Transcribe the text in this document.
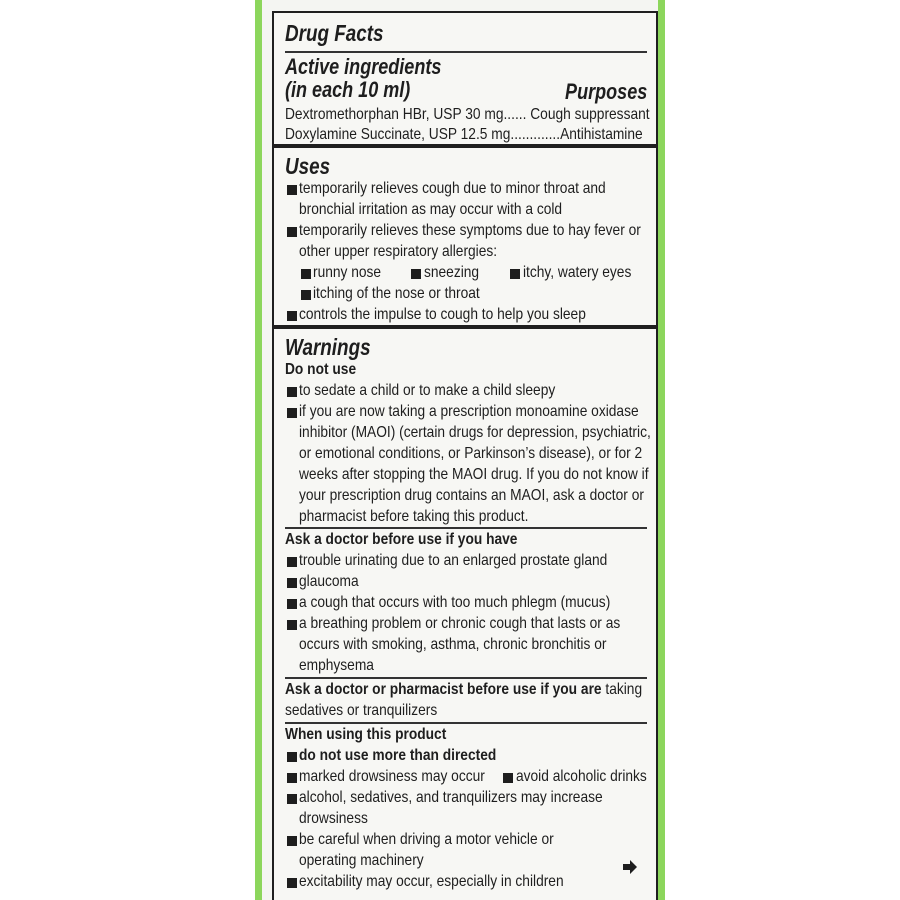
Drug Facts
Active ingredients
(in each 10 ml)	Purposes
Dextromethorphan HBr, USP 30 mg...... Cough suppressant
Doxylamine Succinate, USP 12.5 mg.............Antihistamine
Uses
temporarily relieves cough due to minor throat and
bronchial irritation as may occur with a cold
temporarily relieves these symptoms due to hay fever or
other upper respiratory allergies:
runny nose	sneezing	itchy, watery eyes
itching of the nose or throat
controls the impulse to cough to help you sleep
Warnings
Do not use
to sedate a child or to make a child sleepy
if you are now taking a prescription monoamine oxidase
inhibitor (MAOI) (certain drugs for depression, psychiatric,
or emotional conditions, or Parkinson’s disease), or for 2
weeks after stopping the MAOI drug. If you do not know if
your prescription drug contains an MAOI, ask a doctor or
pharmacist before taking this product.
Ask a doctor before use if you have
trouble urinating due to an enlarged prostate gland
glaucoma
a cough that occurs with too much phlegm (mucus)
a breathing problem or chronic cough that lasts or as
occurs with smoking, asthma, chronic bronchitis or
emphysema
Ask a doctor or pharmacist before use if you are taking
sedatives or tranquilizers
When using this product
do not use more than directed
marked drowsiness may occur avoid alcoholic drinks
alcohol, sedatives, and tranquilizers may increase
drowsiness
be careful when driving a motor vehicle or
operating machinery
excitability may occur, especially in children
